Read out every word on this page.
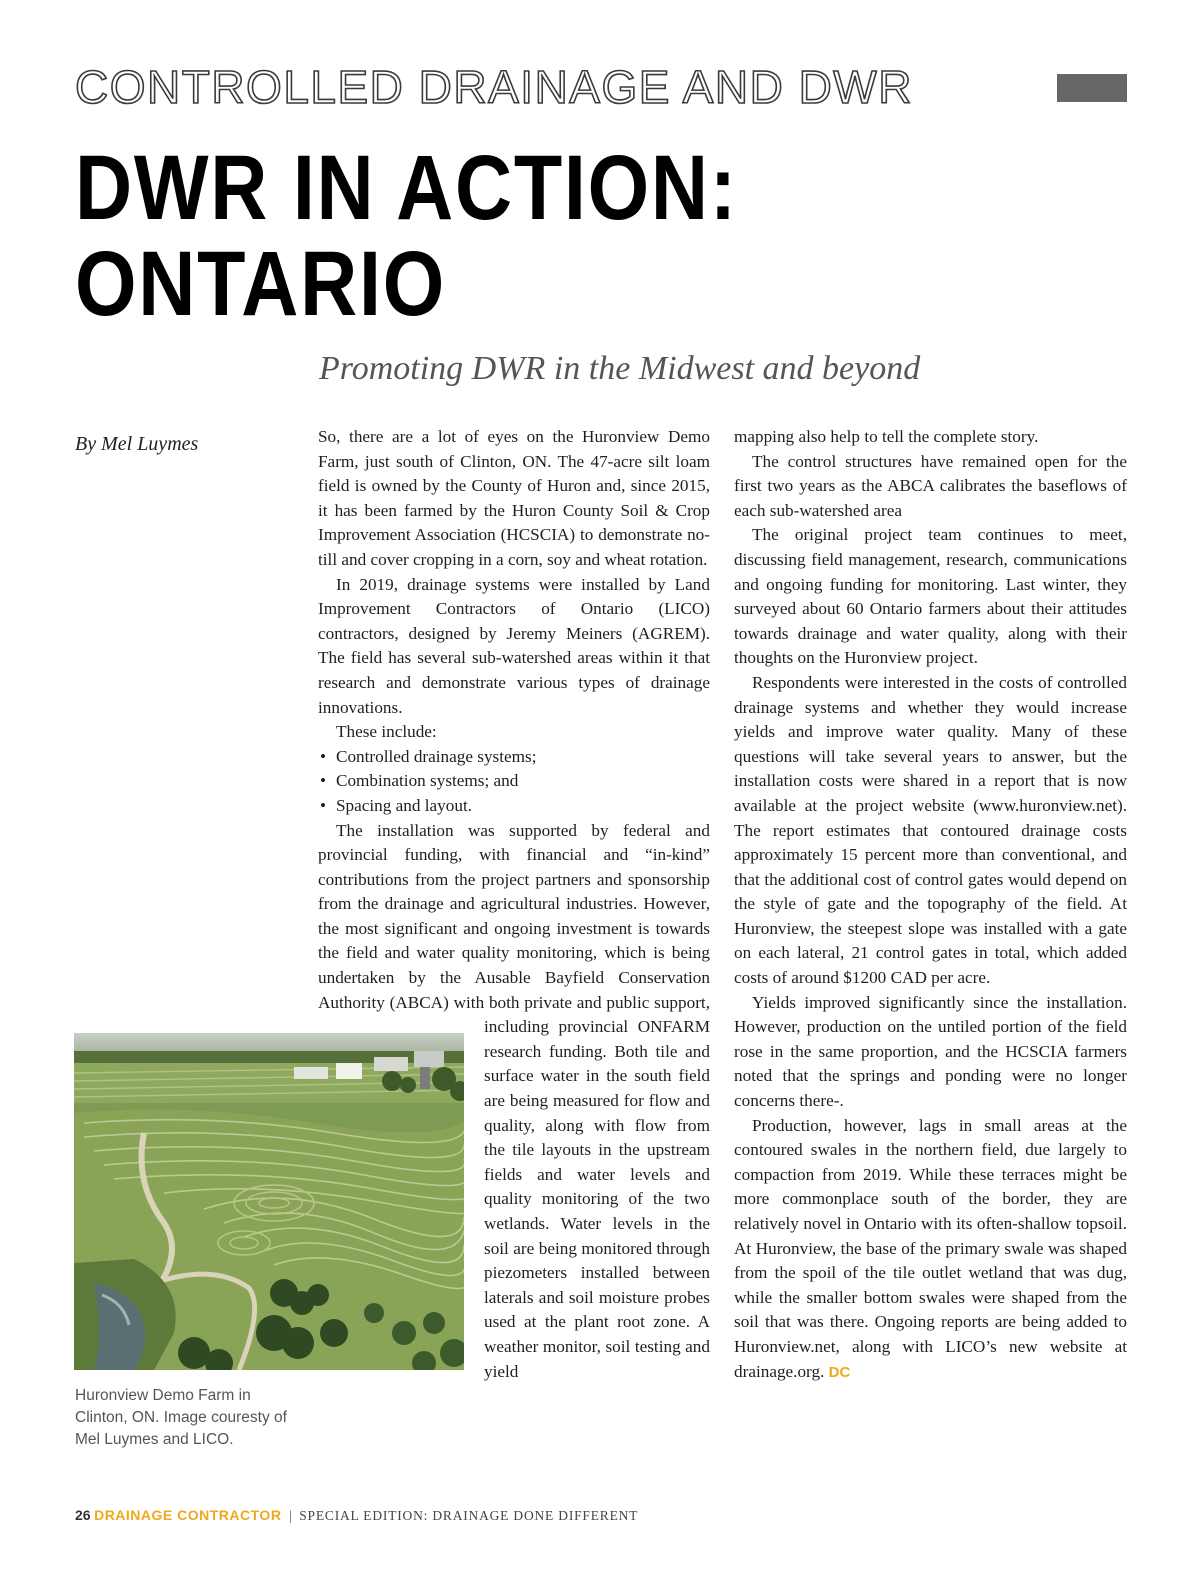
CONTROLLED DRAINAGE AND DWR
DWR IN ACTION:
ONTARIO
Promoting DWR in the Midwest and beyond
By Mel Luymes	So, there are a lot of eyes on the Huronview Demo Farm, just south of Clinton, ON. The 47-acre silt loam field is owned by the County of Huron and, since 2015, it has been farmed by the Huron County Soil & Crop Improvement Association (HCSCIA) to demonstrate no-till and cover cropping in a corn, soy and wheat rotation.

In 2019, drainage systems were installed by Land Improvement Contractors of Ontario (LICO) contractors, designed by Jeremy Meiners (AGREM). The field has several sub-watershed areas within it that research and demonstrate various types of drainage innovations.

These include:

• Controlled drainage systems;
• Combination systems; and
• Spacing and layout.

The installation was supported by federal and provincial funding, with financial and “in-kind” contributions from the project partners and sponsorship from the drainage and agricultural industries. However, the most significant and ongoing investment is towards the field and water quality monitoring, which is being undertaken by the Ausable Bayfield Conservation Authority (ABCA) with both private and public support, including provincial ONFARM research funding. Both tile and surface water in the south field are being measured for flow and quality, along with flow from the tile layouts in the upstream fields and water levels and quality monitoring of the two wetlands. Water levels in the soil are being monitored through piezometers installed between laterals and soil moisture probes used at the plant root zone. A weather monitor, soil testing and yield

mapping also help to tell the complete story.

The control structures have remained open for the first two years as the ABCA calibrates the baseflows of each sub-watershed area

The original project team continues to meet, discussing field management, research, communications and ongoing funding for monitoring. Last winter, they surveyed about 60 Ontario farmers about their attitudes towards drainage and water quality, along with their thoughts on the Huronview project.

Respondents were interested in the costs of controlled drainage systems and whether they would increase yields and improve water quality. Many of these questions will take several years to answer, but the installation costs were shared in a report that is now available at the project website (www.huronview.net). The report estimates that contoured drainage costs approximately 15 percent more than conventional, and that the additional cost of control gates would depend on the style of gate and the topography of the field. At Huronview, the steepest slope was installed with a gate on each lateral, 21 control gates in total, which added costs of around $1200 CAD per acre.

Yields improved significantly since the installation. However, production on the untiled portion of the field rose in the same proportion, and the HCSCIA farmers noted that the springs and ponding were no longer concerns there-.

Production, however, lags in small areas at the contoured swales in the northern field, due largely to compaction from 2019. While these terraces might be more commonplace south of the border, they are relatively novel in Ontario with its often-shallow topsoil. At Huronview, the base of the primary swale was shaped from the spoil of the tile outlet wetland that was dug, while the smaller bottom swales were shaped from the soil that was there. Ongoing reports are being added to Huronview.net, along with LICO’s new website at drainage.org. DC

Huronview Demo Farm in Clinton, ON. Image couresty of Mel Luymes and LICO.
26 DRAINAGE CONTRACTOR | SPECIAL EDITION: DRAINAGE DONE DIFFERENT
